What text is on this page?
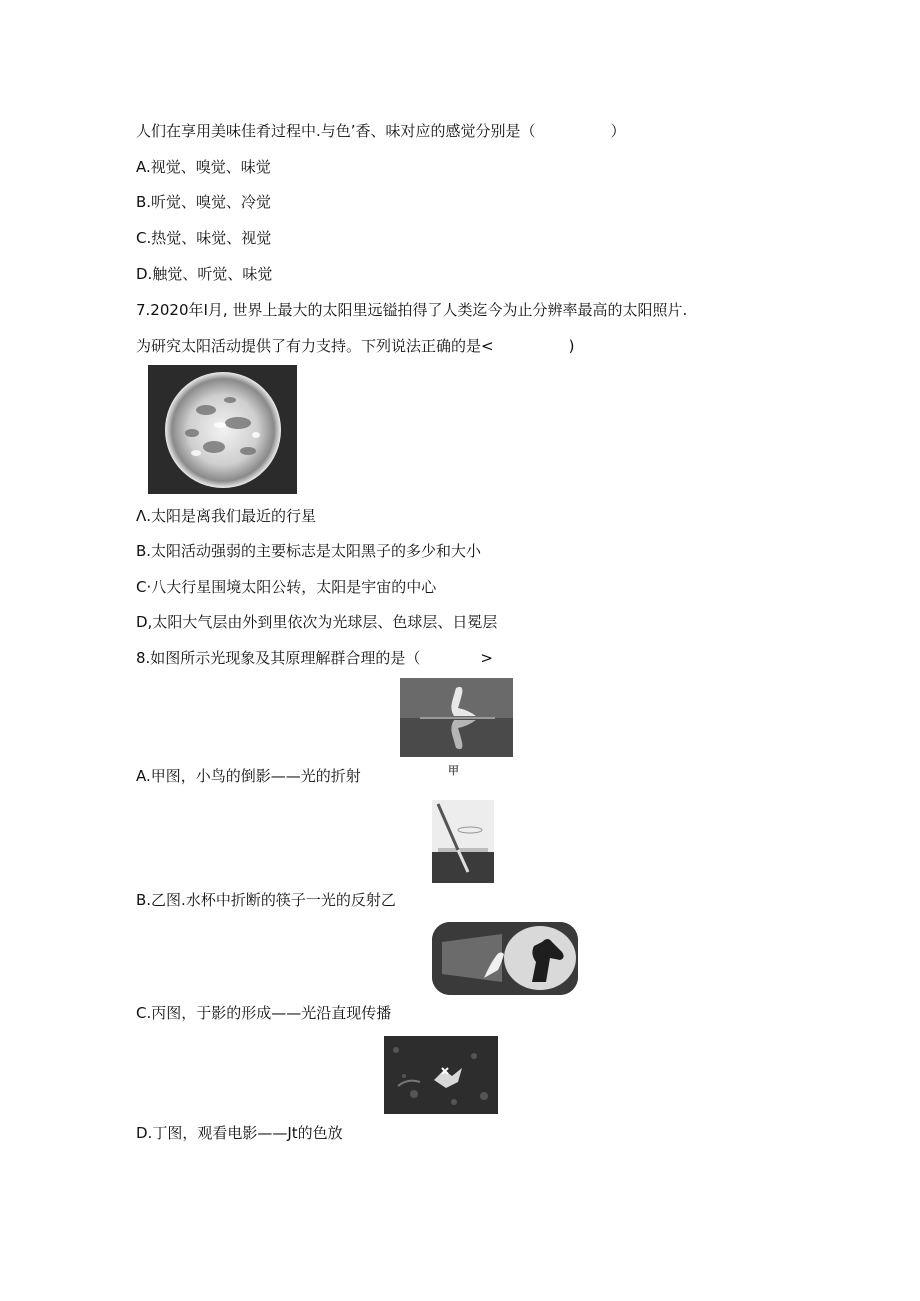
人们在享用美味佳肴过程中.与色’香、味对应的感觉分别是（　　　　　）
A.视觉、嗅觉、味觉
B.听觉、嗅觉、冷觉
C.热觉、味觉、视觉
D.触觉、听觉、味觉
7.2020年I月, 世界上最大的太阳里远镒拍得了人类迄今为止分辨率最高的太阳照片.
为研究太阳活动提供了有力支持。下列说法正确的是<　　　　　)
Λ.太阳是离我们最近的行星
B.太阳活动强弱的主要标志是太阳黑子的多少和大小
C·八大行星围境太阳公转，太阳是宇宙的中心
D,太阳大气层由外到里依次为光球层、色球层、日冕层
8.如图所示光现象及其原理解群合理的是（　　　　>
甲
A.甲图，小鸟的倒影——光的折射
B.乙图.水杯中折断的筷子一光的反射乙
C.丙图，于影的形成——光沿直现传播
D.丁图，观看电影——Jt的色放
